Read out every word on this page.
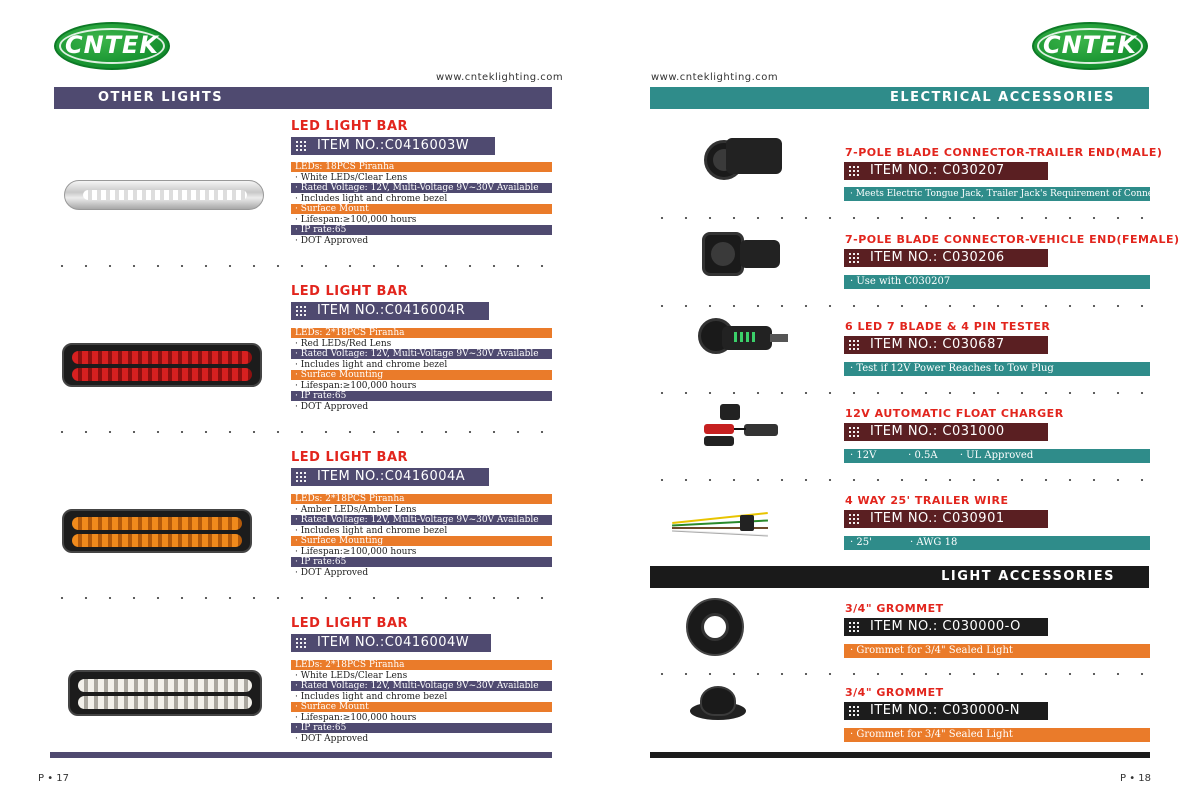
CNTEK
www.cnteklighting.com
OTHER LIGHTS
LED LIGHT BAR
ITEM NO.:C0416003W
LEDs: 18PCS Piranha
· White LEDs/Clear Lens
· Rated Voltage: 12V, Multi-Voltage 9V~30V Available
· Includes light and chrome bezel
· Surface Mount
· Lifespan:≥100,000 hours
· IP rate:65
· DOT Approved
LED LIGHT BAR
ITEM NO.:C0416004R
LEDs: 2*18PCS Piranha
· Red LEDs/Red Lens
· Rated Voltage: 12V, Multi-Voltage 9V~30V Available
· Includes light and chrome bezel
· Surface Mounting
· Lifespan:≥100,000 hours
· IP rate:65
· DOT Approved
LED LIGHT BAR
ITEM NO.:C0416004A
LEDs: 2*18PCS Piranha
· Amber LEDs/Amber Lens
· Rated Voltage: 12V, Multi-Voltage 9V~30V Available
· Includes light and chrome bezel
· Surface Mounting
· Lifespan:≥100,000 hours
· IP rate:65
· DOT Approved
LED LIGHT BAR
ITEM NO.:C0416004W
LEDs: 2*18PCS Piranha
· White LEDs/Clear Lens
· Rated Voltage: 12V, Multi-Voltage 9V~30V Available
· Includes light and chrome bezel
· Surface Mount
· Lifespan:≥100,000 hours
· IP rate:65
· DOT Approved
P • 17
CNTEK
www.cnteklighting.com
ELECTRICAL ACCESSORIES
7-POLE BLADE CONNECTOR-TRAILER END(MALE)
ITEM NO.: C030207
· Meets Electric Tongue Jack, Trailer Jack's Requirement of Connection
7-POLE BLADE CONNECTOR-VEHICLE END(FEMALE)
ITEM NO.: C030206
· Use with C030207
6 LED 7 BLADE & 4 PIN TESTER
ITEM NO.: C030687
· Test if 12V Power Reaches to Tow Plug
12V AUTOMATIC FLOAT CHARGER
ITEM NO.: C031000
· 12V          · 0.5A       · UL Approved
4 WAY 25' TRAILER WIRE
ITEM NO.: C030901
· 25'            · AWG 18
LIGHT ACCESSORIES
3/4" GROMMET
ITEM NO.: C030000-O
· Grommet for 3/4" Sealed Light
3/4" GROMMET
ITEM NO.: C030000-N
· Grommet for 3/4" Sealed Light
P • 18
